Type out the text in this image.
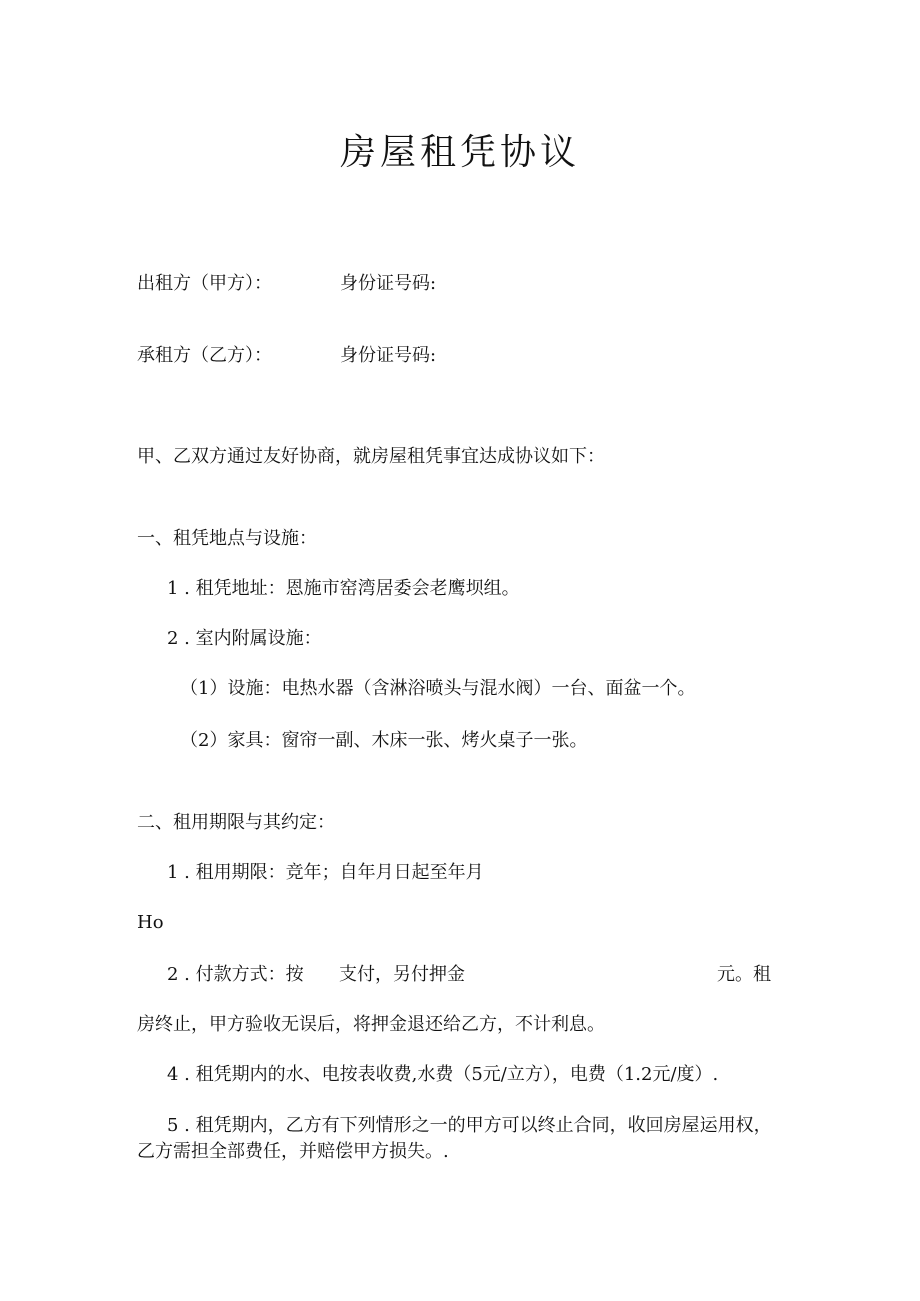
房屋租凭协议
出租方（甲方）：	身份证号码:
承租方（乙方）：	身份证号码:
甲、乙双方通过友好协商，就房屋租凭事宜达成协议如下：
一、租凭地点与设施：
1 . 租凭地址：恩施市窑湾居委会老鹰坝组。
2 . 室内附属设施：
（1）设施：电热水器（含淋浴喷头与混水阀）一台、面盆一个。
（2）家具：窗帘一副、木床一张、烤火桌子一张。
二、租用期限与其约定：
1 . 租用期限：竞年；自年月日起至年月
Ho
2 . 付款方式：按 支付，另付押金	元。租
房终止，甲方验收无误后，将押金退还给乙方，不计利息。
4 . 租凭期内的水、电按表收费,水费（5元/立方），电费（1.2元/度）.
5 . 租凭期内，乙方有下列情形之一的甲方可以终止合同，收回房屋运用权，乙方需担全部费任，并赔偿甲方损失。.
